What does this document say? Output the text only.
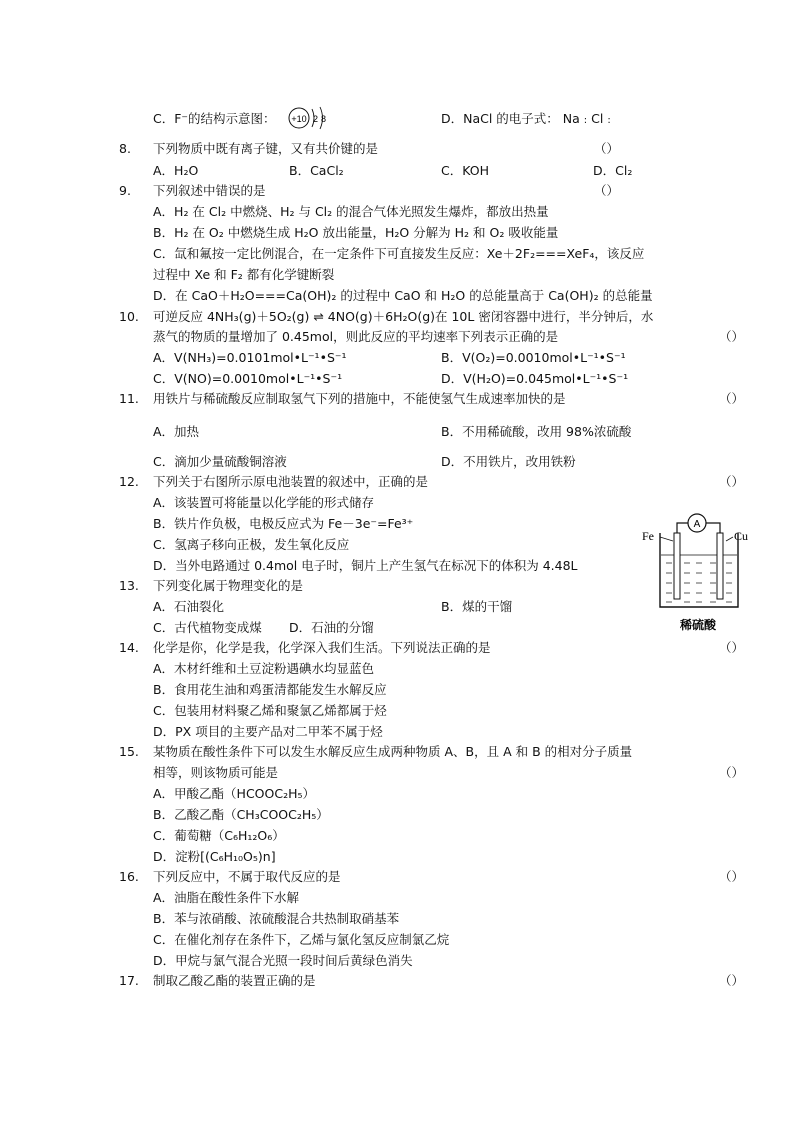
C．F⁻的结构示意图： +10 2 8	D．NaCl 的电子式： Na : Cl :
8. 下列物质中既有离子键，又有共价键的是	（）
A．H₂O	B．CaCl₂	C．KOH	D．Cl₂
9. 下列叙述中错误的是	（）
A．H₂ 在 Cl₂ 中燃烧、H₂ 与 Cl₂ 的混合气体光照发生爆炸，都放出热量
B．H₂ 在 O₂ 中燃烧生成 H₂O 放出能量，H₂O 分解为 H₂ 和 O₂ 吸收能量
C．氙和氟按一定比例混合，在一定条件下可直接发生反应：Xe＋2F₂===XeF₄，该反应
过程中 Xe 和 F₂ 都有化学键断裂
D．在 CaO＋H₂O===Ca(OH)₂ 的过程中 CaO 和 H₂O 的总能量高于 Ca(OH)₂ 的总能量
10. 可逆反应 4NH₃(g)＋5O₂(g) ⇌ 4NO(g)＋6H₂O(g)在 10L 密闭容器中进行，半分钟后，水
蒸气的物质的量增加了 0.45mol，则此反应的平均速率下列表示正确的是	（）
A．V(NH₃)=0.0101mol•L⁻¹•S⁻¹	B．V(O₂)=0.0010mol•L⁻¹•S⁻¹
C．V(NO)=0.0010mol•L⁻¹•S⁻¹	D．V(H₂O)=0.045mol•L⁻¹•S⁻¹
11. 用铁片与稀硫酸反应制取氢气下列的措施中，不能使氢气生成速率加快的是	（）
A．加热	B．不用稀硫酸，改用 98%浓硫酸
C．滴加少量硫酸铜溶液	D．不用铁片，改用铁粉
12. 下列关于右图所示原电池装置的叙述中，正确的是	（）
A．该装置可将能量以化学能的形式储存
B．铁片作负极，电极反应式为 Fe－3e⁻=Fe³⁺
C．氢离子移向正极，发生氧化反应
D．当外电路通过 0.4mol 电子时，铜片上产生氢气在标况下的体积为 4.48L
A
Fe	Cu
稀硫酸
13. 下列变化属于物理变化的是
A．石油裂化	B．煤的干馏
C．古代植物变成煤 D．石油的分馏
14. 化学是你，化学是我，化学深入我们生活。下列说法正确的是	（）
A．木材纤维和土豆淀粉遇碘水均显蓝色
B．食用花生油和鸡蛋清都能发生水解反应
C．包装用材料聚乙烯和聚氯乙烯都属于烃
D．PX 项目的主要产品对二甲苯不属于烃
15. 某物质在酸性条件下可以发生水解反应生成两种物质 A、B，且 A 和 B 的相对分子质量
相等，则该物质可能是	（）
A．甲酸乙酯（HCOOC₂H₅）
B．乙酸乙酯（CH₃COOC₂H₅）
C．葡萄糖（C₆H₁₂O₆）
D．淀粉[(C₆H₁₀O₅)n]
16. 下列反应中，不属于取代反应的是	（）
A．油脂在酸性条件下水解
B．苯与浓硝酸、浓硫酸混合共热制取硝基苯
C．在催化剂存在条件下，乙烯与氯化氢反应制氯乙烷
D．甲烷与氯气混合光照一段时间后黄绿色消失
17. 制取乙酸乙酯的装置正确的是	（）
